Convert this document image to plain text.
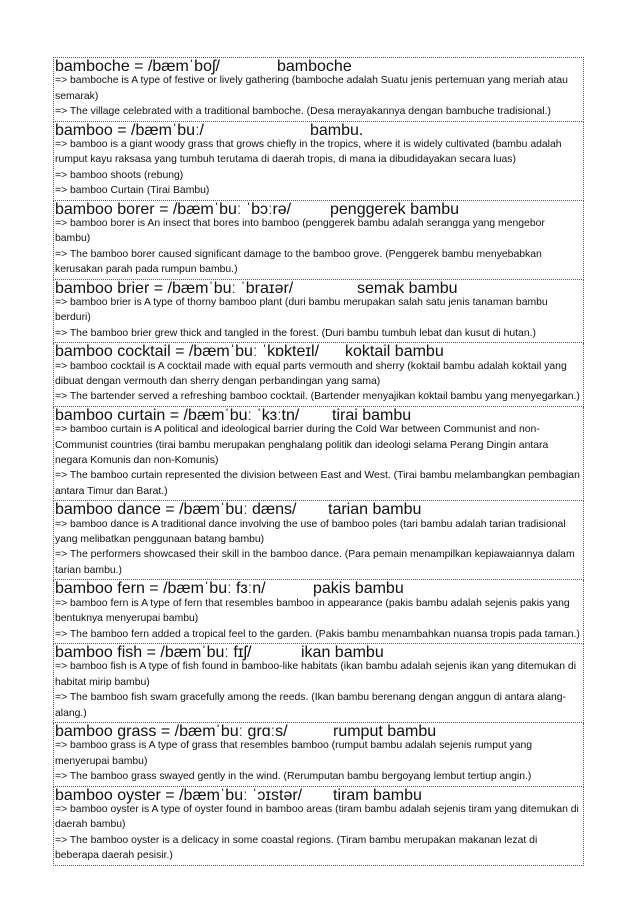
bamboche = /bæmˈboʃ/	bamboche

=> bamboche is A type of festive or lively gathering (bamboche adalah Suatu jenis pertemuan yang meriah atau semarak)

=> The village celebrated with a traditional bamboche. (Desa merayakannya dengan bambuche tradisional.)

bamboo = /bæmˈbuː/	bambu.

=> bamboo is a giant woody grass that grows chiefly in the tropics, where it is widely cultivated (bambu adalah rumput kayu raksasa yang tumbuh terutama di daerah tropis, di mana ia dibudidayakan secara luas)

=> bamboo shoots (rebung)

=> bamboo Curtain (Tirai Bambu)

bamboo borer = /bæmˈbuː ˈbɔːrə/ penggerek bambu

=> bamboo borer is An insect that bores into bamboo (penggerek bambu adalah serangga yang mengebor bambu)

=> The bamboo borer caused significant damage to the bamboo grove. (Penggerek bambu menyebabkan kerusakan parah pada rumpun bambu.)

bamboo brier = /bæmˈbuː ˈbraɪər/	semak bambu

=> bamboo brier is A type of thorny bamboo plant (duri bambu merupakan salah satu jenis tanaman bambu berduri)

=> The bamboo brier grew thick and tangled in the forest. (Duri bambu tumbuh lebat dan kusut di hutan.)

bamboo cocktail = /bæmˈbuː ˈkɒkteɪl/ koktail bambu

=> bamboo cocktail is A cocktail made with equal parts vermouth and sherry (koktail bambu adalah koktail yang dibuat dengan vermouth dan sherry dengan perbandingan yang sama)

=> The bartender served a refreshing bamboo cocktail. (Bartender menyajikan koktail bambu yang menyegarkan.)

bamboo curtain = /bæmˈbuː ˈkɜːtn/ tirai bambu

=> bamboo curtain is A political and ideological barrier during the Cold War between Communist and non-Communist countries (tirai bambu merupakan penghalang politik dan ideologi selama Perang Dingin antara negara Komunis dan non-Komunis)

=> The bamboo curtain represented the division between East and West. (Tirai bambu melambangkan pembagian antara Timur dan Barat.)

bamboo dance = /bæmˈbuː dæns/ tarian bambu

=> bamboo dance is A traditional dance involving the use of bamboo poles (tari bambu adalah tarian tradisional yang melibatkan penggunaan batang bambu)

=> The performers showcased their skill in the bamboo dance. (Para pemain menampilkan kepiawaiannya dalam tarian bambu.)

bamboo fern = /bæmˈbuː fɜːn/	pakis bambu

=> bamboo fern is A type of fern that resembles bamboo in appearance (pakis bambu adalah sejenis pakis yang bentuknya menyerupai bambu)

=> The bamboo fern added a tropical feel to the garden. (Pakis bambu menambahkan nuansa tropis pada taman.)

bamboo fish = /bæmˈbuː fɪʃ/	ikan bambu

=> bamboo fish is A type of fish found in bamboo-like habitats (ikan bambu adalah sejenis ikan yang ditemukan di habitat mirip bambu)

=> The bamboo fish swam gracefully among the reeds. (Ikan bambu berenang dengan anggun di antara alang-alang.)

bamboo grass = /bæmˈbuː grɑːs/	rumput bambu

=> bamboo grass is A type of grass that resembles bamboo (rumput bambu adalah sejenis rumput yang menyerupai bambu)

=> The bamboo grass swayed gently in the wind. (Rerumputan bambu bergoyang lembut tertiup angin.)

bamboo oyster = /bæmˈbuː ˈɔɪstər/ tiram bambu

=> bamboo oyster is A type of oyster found in bamboo areas (tiram bambu adalah sejenis tiram yang ditemukan di daerah bambu)

=> The bamboo oyster is a delicacy in some coastal regions. (Tiram bambu merupakan makanan lezat di beberapa daerah pesisir.)
